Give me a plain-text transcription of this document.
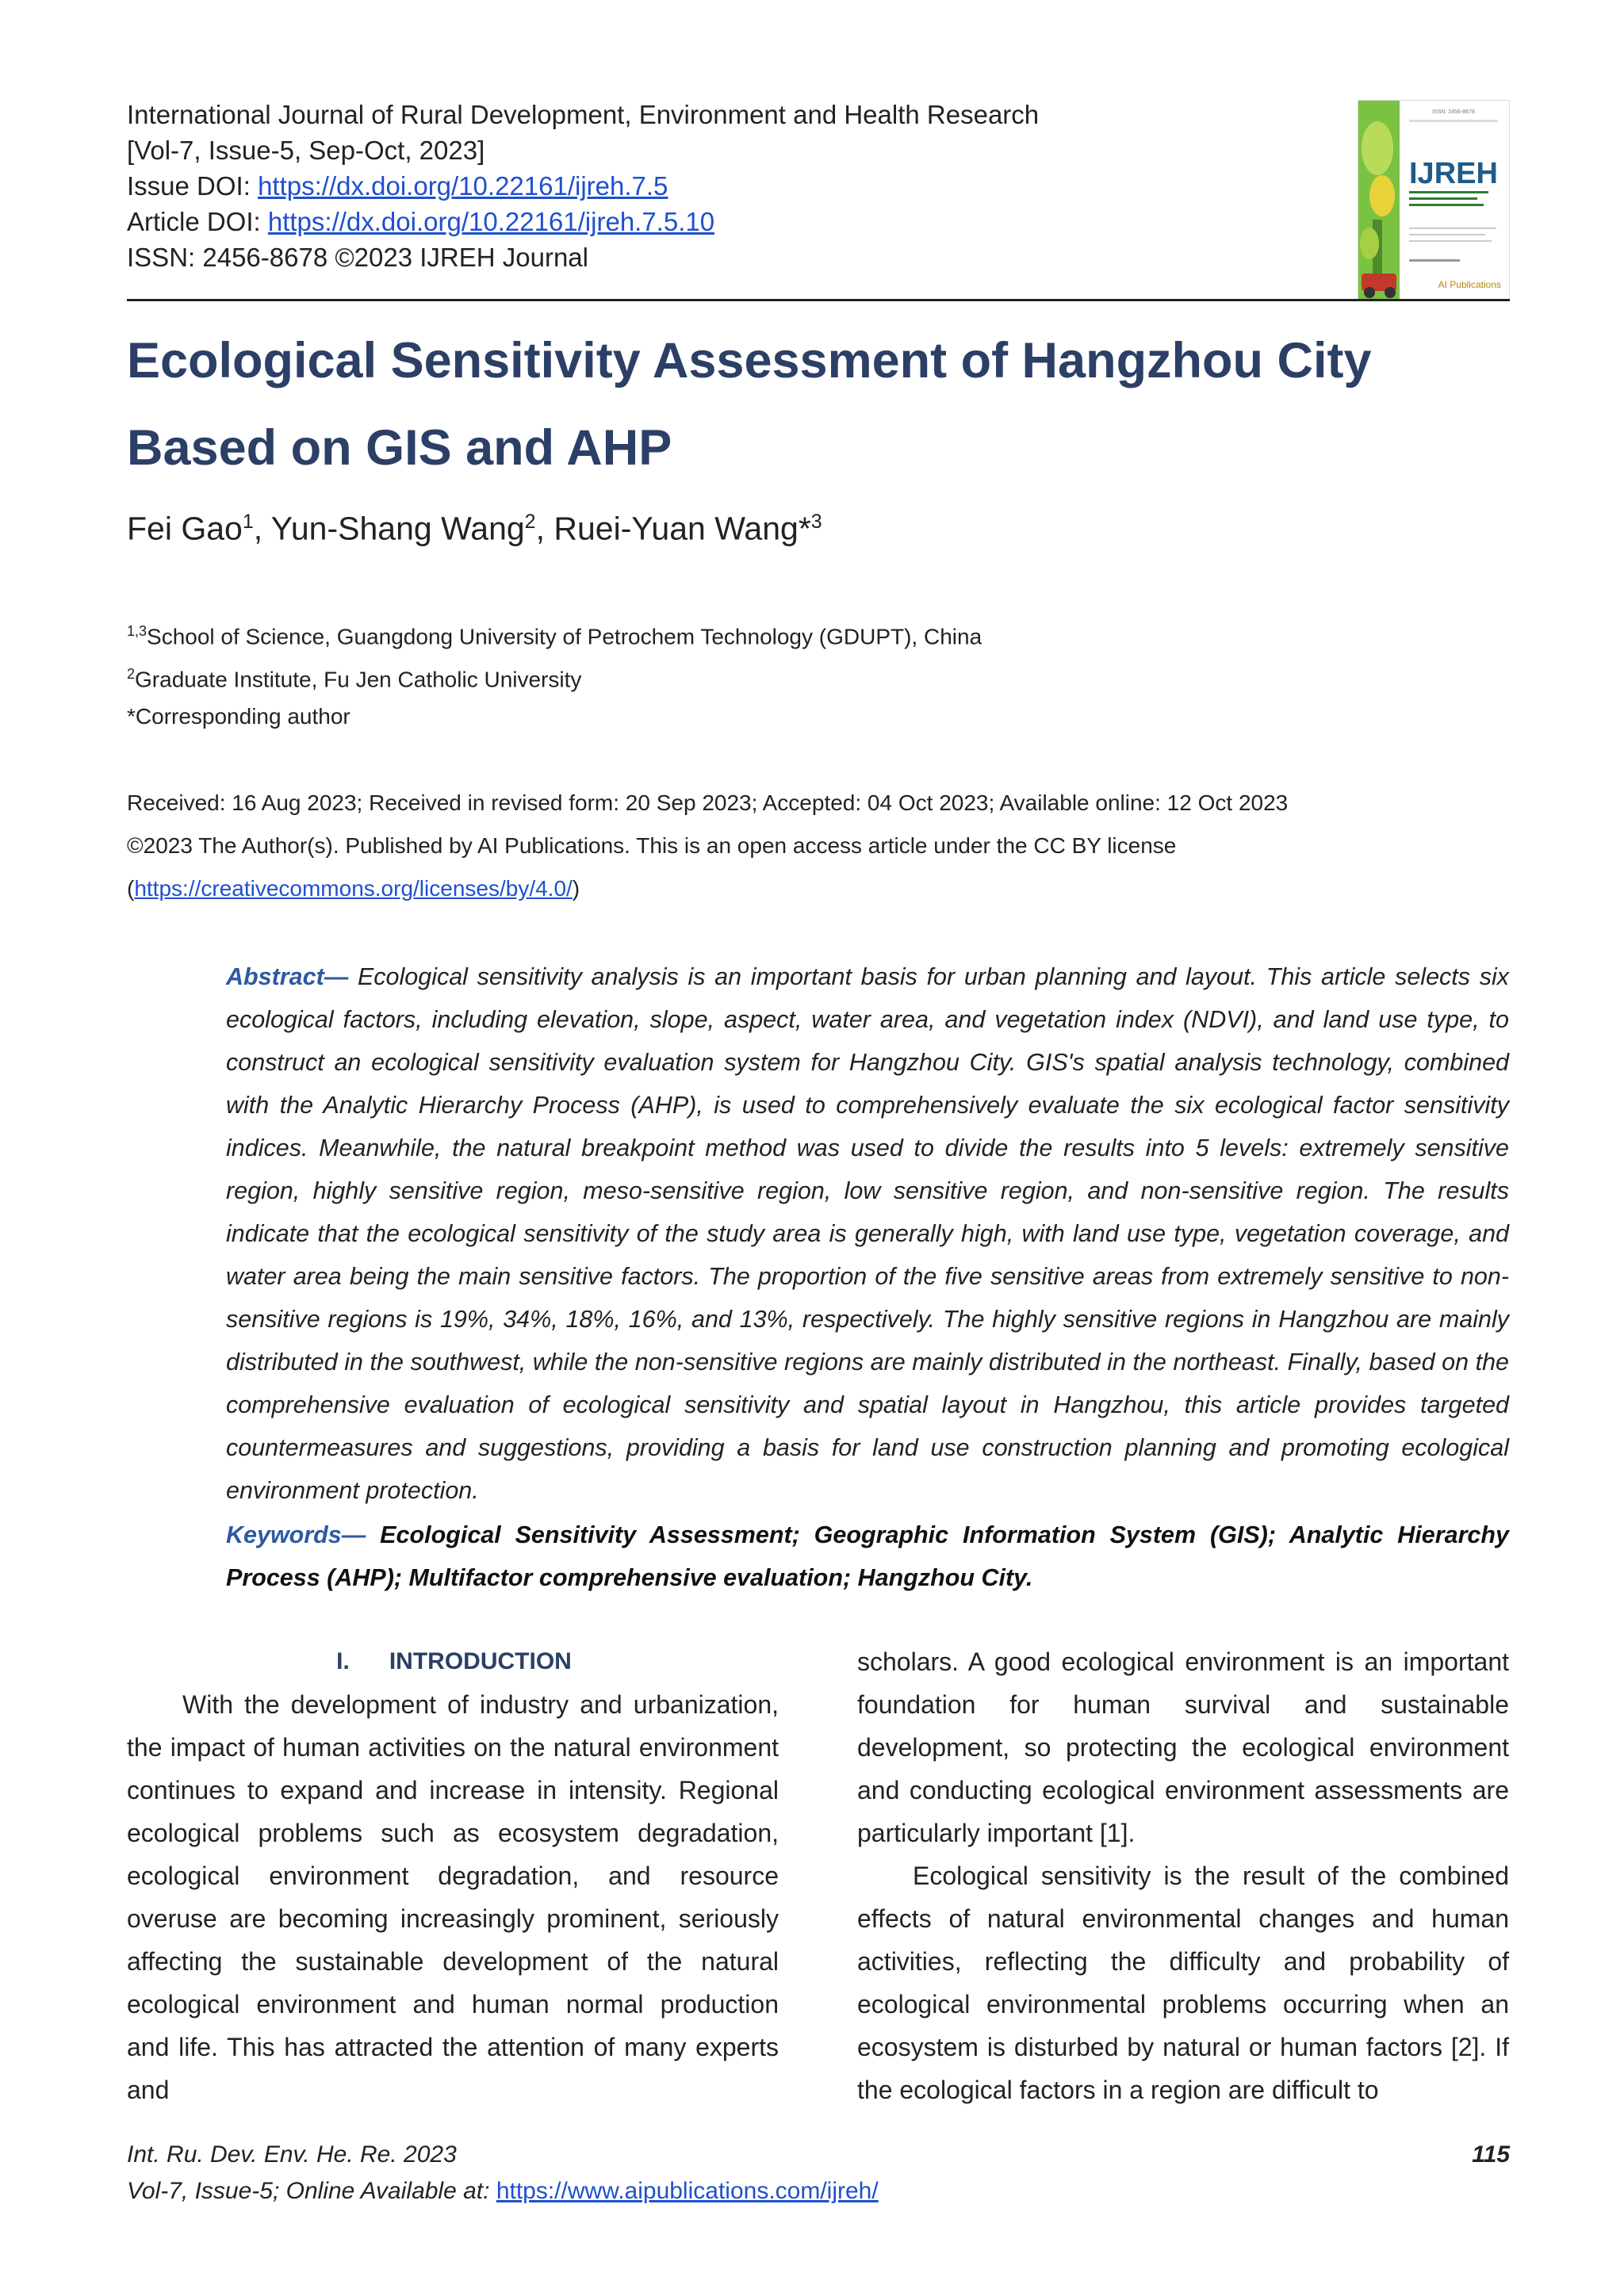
International Journal of Rural Development, Environment and Health Research
[Vol-7, Issue-5, Sep-Oct, 2023]
Issue DOI: https://dx.doi.org/10.22161/ijreh.7.5
Article DOI: https://dx.doi.org/10.22161/ijreh.7.5.10
ISSN: 2456-8678 ©2023 IJREH Journal
ISSN: 2456-8678
IJREH
AI Publications
Ecological Sensitivity Assessment of Hangzhou City Based on GIS and AHP
Fei Gao$^1$, Yun-Shang Wang$^2$, Ruei-Yuan Wang*$^3$
$^{1,3}$School of Science, Guangdong University of Petrochem Technology (GDUPT), China
$^2$Graduate Institute, Fu Jen Catholic University
*Corresponding author
Received: 16 Aug 2023; Received in revised form: 20 Sep 2023; Accepted: 04 Oct 2023; Available online: 12 Oct 2023
©2023 The Author(s). Published by AI Publications. This is an open access article under the CC BY license
(https://creativecommons.org/licenses/by/4.0/)
Abstract— Ecological sensitivity analysis is an important basis for urban planning and layout. This article selects six ecological factors, including elevation, slope, aspect, water area, and vegetation index (NDVI), and land use type, to construct an ecological sensitivity evaluation system for Hangzhou City. GIS's spatial analysis technology, combined with the Analytic Hierarchy Process (AHP), is used to comprehensively evaluate the six ecological factor sensitivity indices. Meanwhile, the natural breakpoint method was used to divide the results into 5 levels: extremely sensitive region, highly sensitive region, meso-sensitive region, low sensitive region, and non-sensitive region. The results indicate that the ecological sensitivity of the study area is generally high, with land use type, vegetation coverage, and water area being the main sensitive factors. The proportion of the five sensitive areas from extremely sensitive to non-sensitive regions is 19%, 34%, 18%, 16%, and 13%, respectively. The highly sensitive regions in Hangzhou are mainly distributed in the southwest, while the non-sensitive regions are mainly distributed in the northeast. Finally, based on the comprehensive evaluation of ecological sensitivity and spatial layout in Hangzhou, this article provides targeted countermeasures and suggestions, providing a basis for land use construction planning and promoting ecological environment protection.
Keywords— Ecological Sensitivity Assessment; Geographic Information System (GIS); Analytic Hierarchy Process (AHP); Multifactor comprehensive evaluation; Hangzhou City.
I. INTRODUCTION

With the development of industry and urbanization, the impact of human activities on the natural environment continues to expand and increase in intensity. Regional ecological problems such as ecosystem degradation, ecological environment degradation, and resource overuse are becoming increasingly prominent, seriously affecting the sustainable development of the natural ecological environment and human normal production and life. This has attracted the attention of many experts and

scholars. A good ecological environment is an important foundation for human survival and sustainable development, so protecting the ecological environment and conducting ecological environment assessments are particularly important [1].

Ecological sensitivity is the result of the combined effects of natural environmental changes and human activities, reflecting the difficulty and probability of ecological environmental problems occurring when an ecosystem is disturbed by natural or human factors [2]. If the ecological factors in a region are difficult to

Int. Ru. Dev. Env. He. Re. 2023
Vol-7, Issue-5; Online Available at: https://www.aipublications.com/ijreh/
115
